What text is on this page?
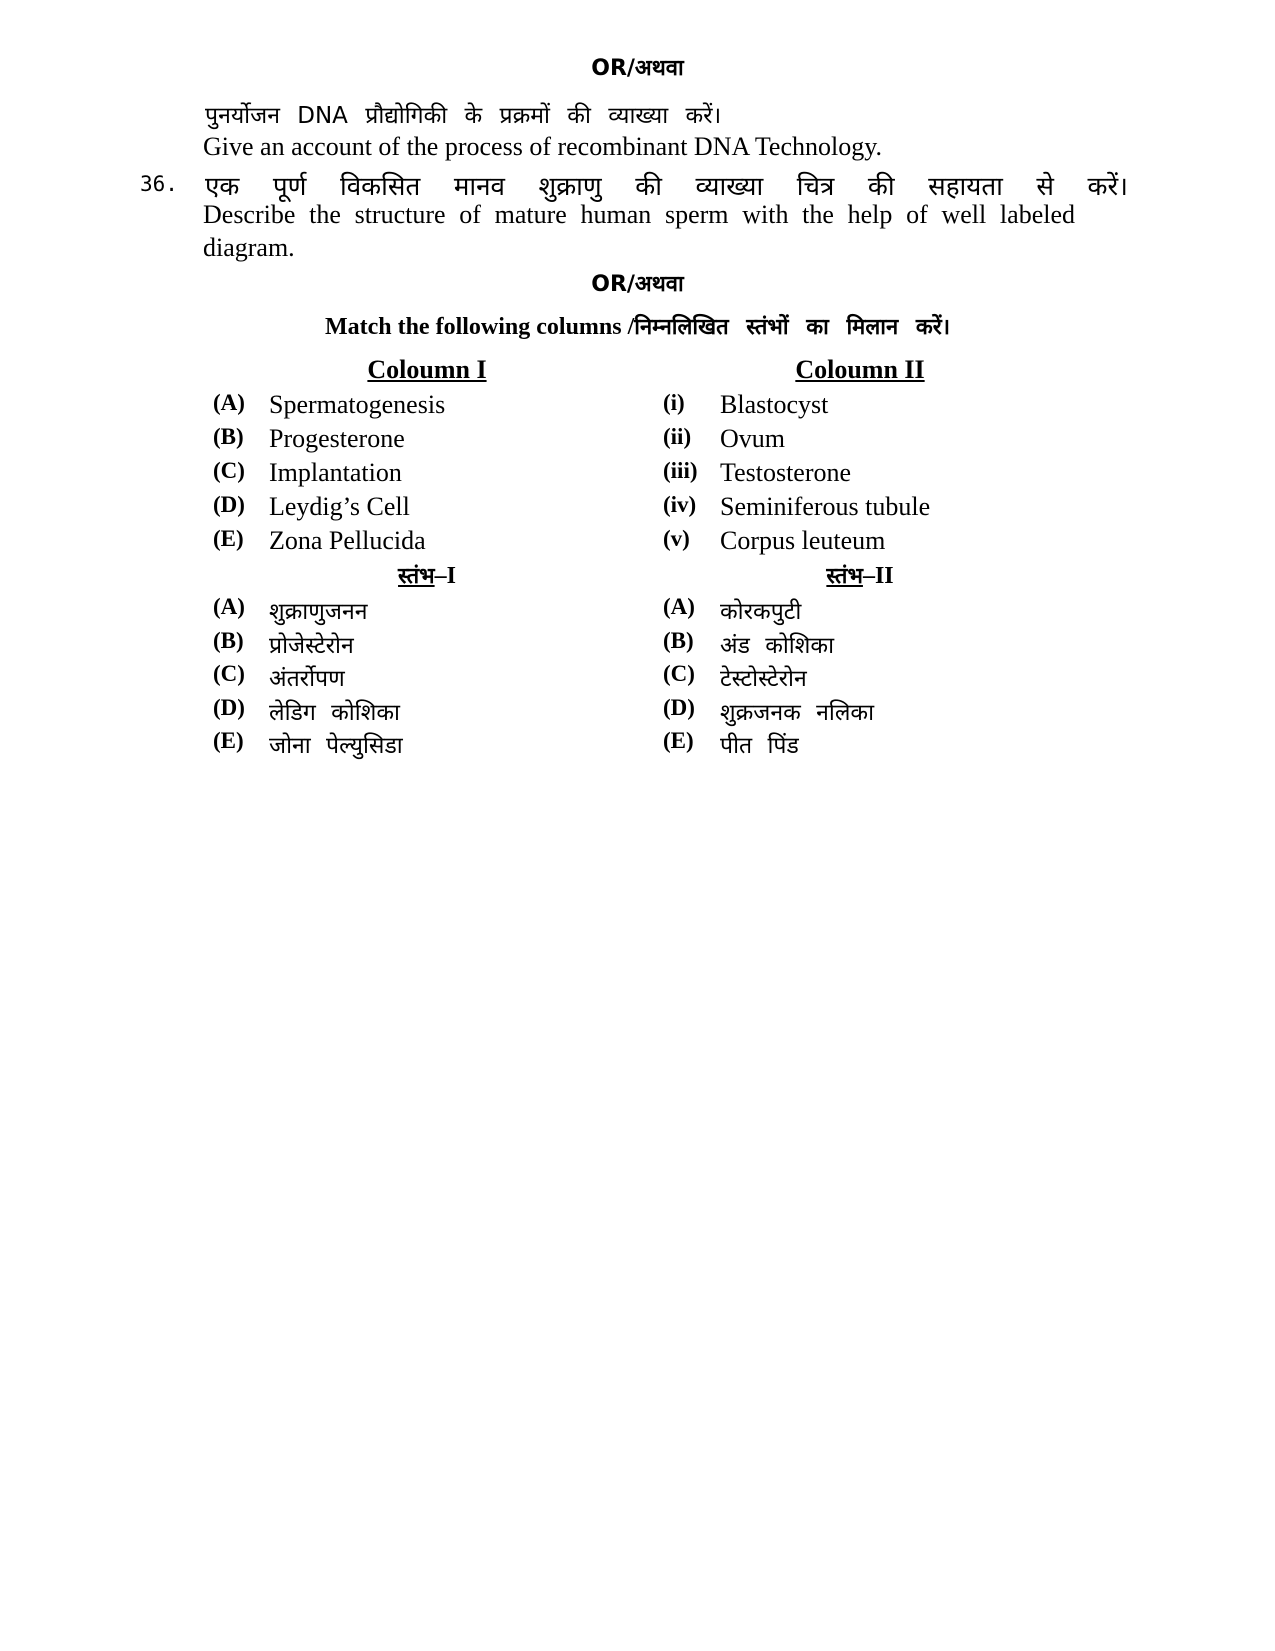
OR/अथवा
पुनर्योजन DNA प्रौद्योगिकी के प्रक्रमों की व्याख्या करें।
Give an account of the process of recombinant DNA Technology.
36. एक पूर्ण विकसित मानव शुक्राणु की व्याख्या चित्र की सहायता से करें।
Describe the structure of mature human sperm with the help of well labeled
diagram.
OR/अथवा
Match the following columns /निम्नलिखित स्तंभों का मिलान करें।
Coloumn I	Coloumn II
(A) Spermatogenesis
(B) Progesterone
(C) Implantation
(D) Leydig’s Cell
(E) Zona Pellucida
(i) Blastocyst
(ii) Ovum
(iii) Testosterone
(iv) Seminiferous tubule
(v) Corpus leuteum
स्तंभ–I	स्तंभ–II
(A) शुक्राणुजनन
(B) प्रोजेस्टेरोन
(C) अंतर्रोपण
(D) लेडिग कोशिका
(E) जोना पेल्युसिडा
(A) कोरकपुटी
(B) अंड कोशिका
(C) टेस्टोस्टेरोन
(D) शुक्रजनक नलिका
(E) पीत पिंड
